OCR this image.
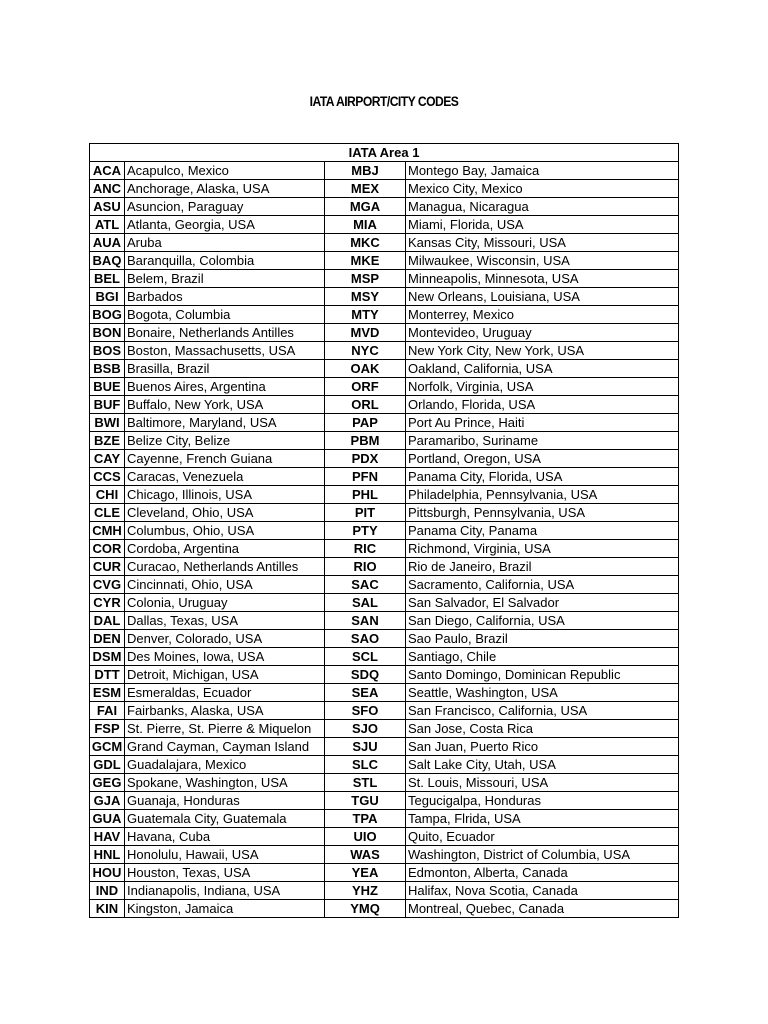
IATA AIRPORT/CITY CODES
IATA Area 1			
ACA	Acapulco, Mexico	MBJ	Montego Bay, Jamaica
ANC	Anchorage, Alaska, USA	MEX	Mexico City, Mexico
ASU	Asuncion, Paraguay	MGA	Managua, Nicaragua
ATL	Atlanta, Georgia, USA	MIA	Miami, Florida, USA
AUA	Aruba	MKC	Kansas City, Missouri, USA
BAQ	Baranquilla, Colombia	MKE	Milwaukee, Wisconsin, USA
BEL	Belem, Brazil	MSP	Minneapolis, Minnesota, USA
BGI	Barbados	MSY	New Orleans, Louisiana, USA
BOG	Bogota, Columbia	MTY	Monterrey, Mexico
BON	Bonaire, Netherlands Antilles	MVD	Montevideo, Uruguay
BOS	Boston, Massachusetts, USA	NYC	New York City, New York, USA
BSB	Brasilla, Brazil	OAK	Oakland, California, USA
BUE	Buenos Aires, Argentina	ORF	Norfolk, Virginia, USA
BUF	Buffalo, New York, USA	ORL	Orlando, Florida, USA
BWI	Baltimore, Maryland, USA	PAP	Port Au Prince, Haiti
BZE	Belize City, Belize	PBM	Paramaribo, Suriname
CAY	Cayenne, French Guiana	PDX	Portland, Oregon, USA
CCS	Caracas, Venezuela	PFN	Panama City, Florida, USA
CHI	Chicago, Illinois, USA	PHL	Philadelphia, Pennsylvania, USA
CLE	Cleveland, Ohio, USA	PIT	Pittsburgh, Pennsylvania, USA
CMH	Columbus, Ohio, USA	PTY	Panama City, Panama
COR	Cordoba, Argentina	RIC	Richmond, Virginia, USA
CUR	Curacao, Netherlands Antilles	RIO	Rio de Janeiro, Brazil
CVG	Cincinnati, Ohio, USA	SAC	Sacramento, California, USA
CYR	Colonia, Uruguay	SAL	San Salvador, El Salvador
DAL	Dallas, Texas, USA	SAN	San Diego, California, USA
DEN	Denver, Colorado, USA	SAO	Sao Paulo, Brazil
DSM	Des Moines, Iowa, USA	SCL	Santiago, Chile
DTT	Detroit, Michigan, USA	SDQ	Santo Domingo, Dominican Republic
ESM	Esmeraldas, Ecuador	SEA	Seattle, Washington, USA
FAI	Fairbanks, Alaska, USA	SFO	San Francisco, California, USA
FSP	St. Pierre, St. Pierre & Miquelon	SJO	San Jose, Costa Rica
GCM	Grand Cayman, Cayman Island	SJU	San Juan, Puerto Rico
GDL	Guadalajara, Mexico	SLC	Salt Lake City, Utah, USA
GEG	Spokane, Washington, USA	STL	St. Louis, Missouri, USA
GJA	Guanaja, Honduras	TGU	Tegucigalpa, Honduras
GUA	Guatemala City, Guatemala	TPA	Tampa, Flrida, USA
HAV	Havana, Cuba	UIO	Quito, Ecuador
HNL	Honolulu, Hawaii, USA	WAS	Washington, District of Columbia, USA
HOU	Houston, Texas, USA	YEA	Edmonton, Alberta, Canada
IND	Indianapolis, Indiana, USA	YHZ	Halifax, Nova Scotia, Canada
KIN	Kingston, Jamaica	YMQ	Montreal, Quebec, Canada
